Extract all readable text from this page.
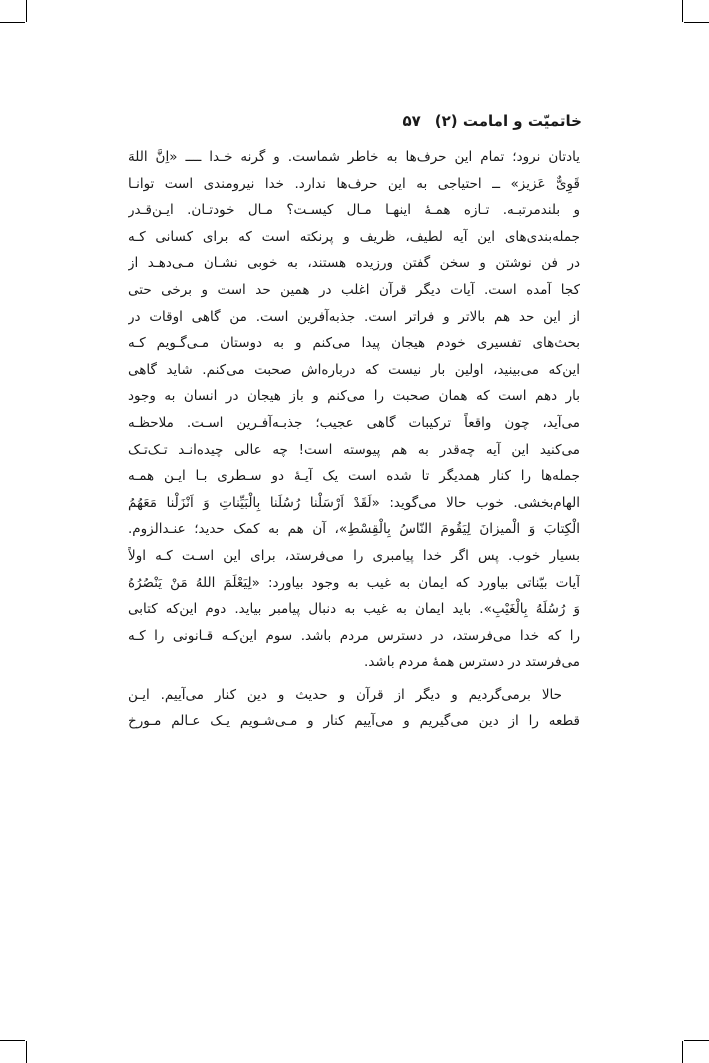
خاتمیّت و امامت (۲)۵۷
یادتان نرود؛ تمام این حرف‌ها به خاطر شماست. و گرنه خـدا ــــ «اِنَّ اللهَ
قَوِیٌّ عَزیز» ــ احتیاجی به این حرف‌ها ندارد. خدا نیرومندی است توانـا
و بلندمرتبـه. تـازه همـهٔ اینهـا مـال کیسـت؟ مـال خودتـان. ایـن‌قـدر
جمله‌بندی‌های این آیه لطیف، ظریف و پرنکته است که برای کسانی کـه
در فن نوشتن و سخن گفتن ورزیده هستند، به خوبی نشـان مـی‌دهـد از
کجا آمده است. آیات دیگر قرآن اغلب در همین حد است و برخی حتی
از این حد هم بالاتر و فراتر است. جذبه‌آفرین است. من گاهی اوقات در
بحث‌های تفسیری خودم هیجان پیدا می‌کنم و به دوستان مـی‌گـویم کـه
این‌که می‌بینید، اولین بار نیست که درباره‌اش صحبت می‌کنم. شاید گاهی
بار دهم است که همان صحبت را می‌کنم و باز هیجان در انسان به وجود
می‌آید، چون واقعاً ترکیبات گاهی عجیب؛ جذبـه‌آفـرین اسـت. ملاحظـه
می‌کنید این آیه چه‌قدر به هم پیوسته است! چه عالی چیده‌انـد تـک‌تـک
جمله‌ها را کنار همدیگر تا شده است یک آیـهٔ دو سـطری بـا ایـن همـه
الهام‌بخشی. خوب حالا می‌گوید: «لَقَدْ اَرْسَلْنا رُسُلَنا بِالْبَیِّناتِ وَ اَنْزَلْنا مَعَهُمُ
الْکِتابَ وَ الْمیزانَ لِیَقُومَ النّاسُ بِالْقِسْطِ»، آن هم به کمک حدید؛ عنـدالزوم.
بسیار خوب. پس اگر خدا پیامبری را می‌فرستد، برای این اسـت کـه اولاً
آیات بیّناتی بیاورد که ایمان به غیب به وجود بیاورد: «لِیَعْلَمَ اللهُ مَنْ یَنْصُرُهُ
وَ رُسُلَهُ بِالْغَیْبِ». باید ایمان به غیب به دنبال پیامبر بیاید. دوم این‌که کتابی
را که خدا می‌فرستد، در دسترس مردم باشد. سوم این‌کـه قـانونی را کـه
می‌فرستد در دسترس همهٔ مردم باشد.
حالا برمی‌گردیم و دیگر از قرآن و حدیث و دین کنار می‌آییم. ایـن
قطعه را از دین می‌گیریم و می‌آییم کنار و مـی‌شـویم یـک عـالم مـورخ
